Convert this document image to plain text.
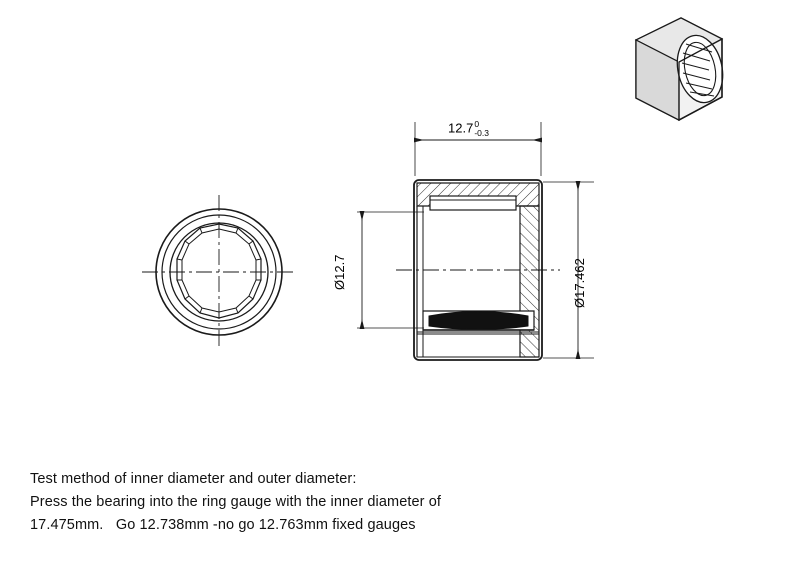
12.70
-0.3
Ø12.7	Ø17.462
Test method of inner diameter and outer diameter:
Press the bearing into the ring gauge with the inner diameter of
17.475mm.   Go 12.738mm -no go 12.763mm fixed gauges
